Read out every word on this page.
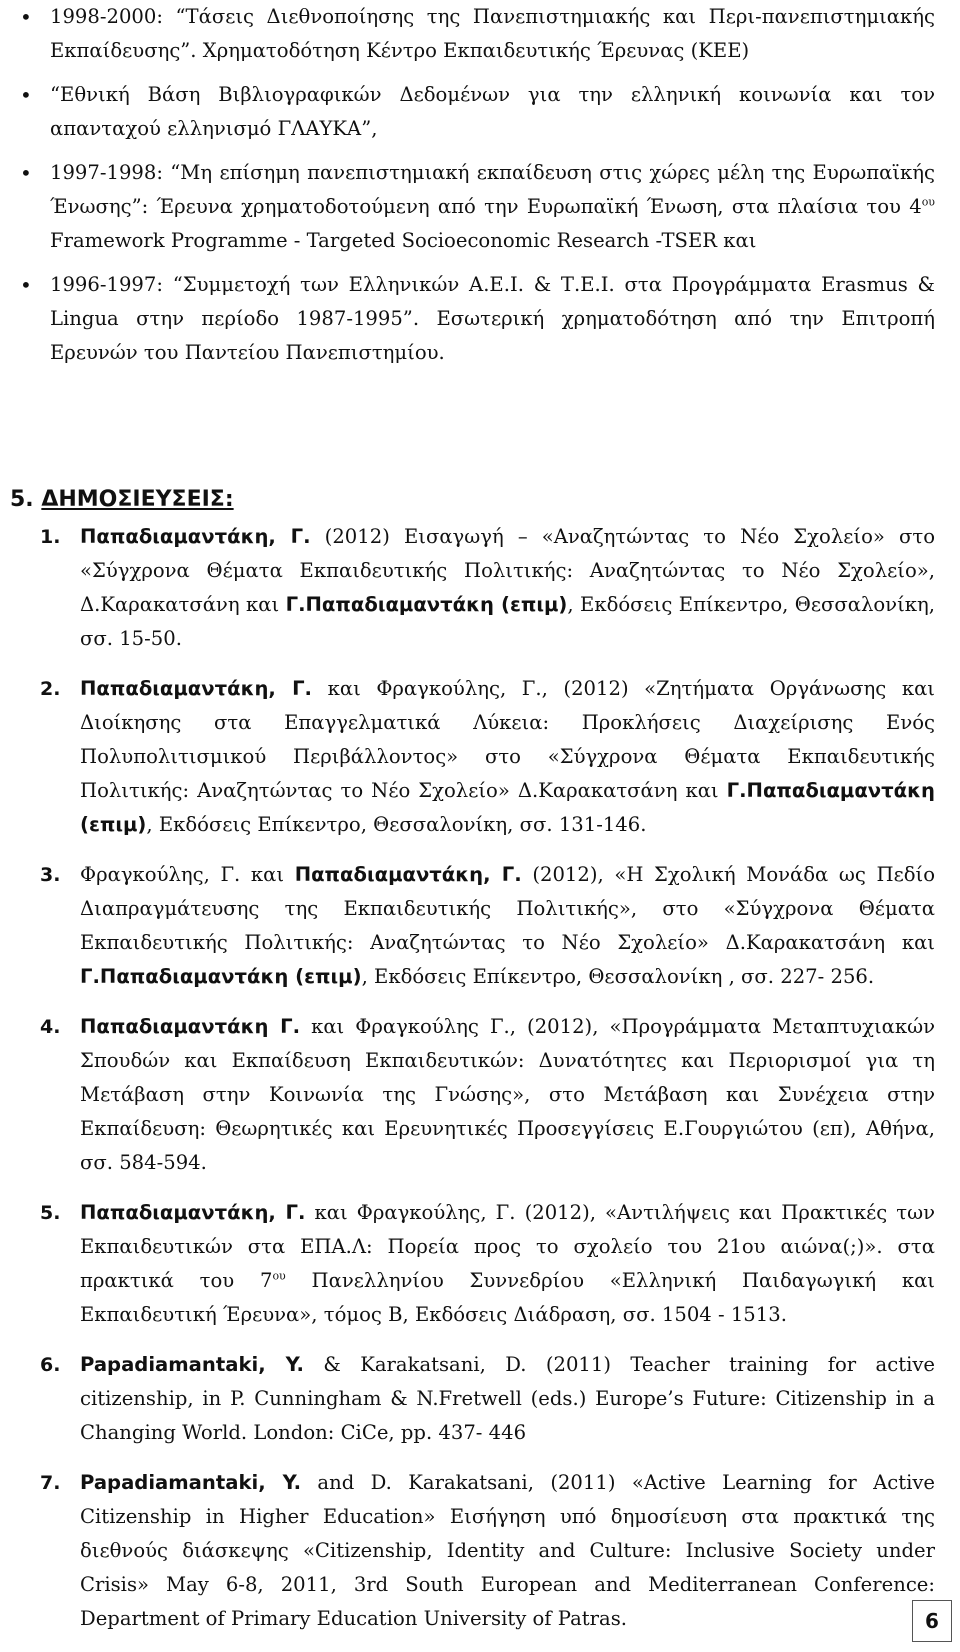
• 1998-2000: “Τάσεις Διεθνοποίησης της Πανεπιστημιακής και Περι-πανεπιστημιακής Εκπαίδευσης”. Χρηματοδότηση Κέντρο Εκπαιδευτικής Έρευνας (ΚΕΕ)
• “Εθνική Βάση Βιβλιογραφικών Δεδομένων για την ελληνική κοινωνία και τον απανταχού ελληνισμό ΓΛΑΥΚΑ”,
• 1997-1998: “Μη επίσημη πανεπιστημιακή εκπαίδευση στις χώρες μέλη της Ευρωπαϊκής Ένωσης”: Έρευνα χρηματοδοτούμενη από την Ευρωπαϊκή Ένωση, στα πλαίσια του $4^{o\upsilon}$ Framework Programme - Targeted Socioeconomic Research -TSER και
• 1996-1997: “Συμμετοχή των Ελληνικών Α.Ε.Ι. & Τ.Ε.Ι. στα Προγράμματα Erasmus & Lingua στην περίοδο 1987-1995”. Εσωτερική χρηματοδότηση από την Επιτροπή Ερευνών του Παντείου Πανεπιστημίου.
5. ΔΗΜΟΣΙΕΥΣΕΙΣ:
1. Παπαδιαμαντάκη, Γ. (2012) Εισαγωγή – «Αναζητώντας το Νέο Σχολείο» στο «Σύγχρονα Θέματα Εκπαιδευτικής Πολιτικής: Αναζητώντας το Νέο Σχολείο», Δ.Καρακατσάνη και Γ.Παπαδιαμαντάκη (επιμ), Εκδόσεις Επίκεντρο, Θεσσαλονίκη, σσ. 15-50.
2. Παπαδιαμαντάκη, Γ. και Φραγκούλης, Γ., (2012) «Ζητήματα Οργάνωσης και Διοίκησης στα Επαγγελματικά Λύκεια: Προκλήσεις Διαχείρισης Ενός Πολυπολιτισμικού Περιβάλλοντος» στο «Σύγχρονα Θέματα Εκπαιδευτικής Πολιτικής: Αναζητώντας το Νέο Σχολείο» Δ.Καρακατσάνη και Γ.Παπαδιαμαντάκη (επιμ), Εκδόσεις Επίκεντρο, Θεσσαλονίκη, σσ. 131-146.
3. Φραγκούλης, Γ. και Παπαδιαμαντάκη, Γ. (2012), «Η Σχολική Μονάδα ως Πεδίο Διαπραγμάτευσης της Εκπαιδευτικής Πολιτικής», στο «Σύγχρονα Θέματα Εκπαιδευτικής Πολιτικής: Αναζητώντας το Νέο Σχολείο» Δ.Καρακατσάνη και Γ.Παπαδιαμαντάκη (επιμ), Εκδόσεις Επίκεντρο, Θεσσαλονίκη , σσ. 227- 256.
4. Παπαδιαμαντάκη Γ. και Φραγκούλης Γ., (2012), «Προγράμματα Μεταπτυχιακών Σπουδών και Εκπαίδευση Εκπαιδευτικών: Δυνατότητες και Περιορισμοί για τη Μετάβαση στην Κοινωνία της Γνώσης», στο Μετάβαση και Συνέχεια στην Εκπαίδευση: Θεωρητικές και Ερευνητικές Προσεγγίσεις Ε.Γουργιώτου (επ), Αθήνα, σσ. 584-594.
5. Παπαδιαμαντάκη, Γ. και Φραγκούλης, Γ. (2012), «Αντιλήψεις και Πρακτικές των Εκπαιδευτικών στα ΕΠΑ.Λ: Πορεία προς το σχολείο του 21ου αιώνα(;)». στα πρακτικά του $7^{o\upsilon}$ Πανελληνίου Συννεδρίου «Ελληνική Παιδαγωγική και Εκπαιδευτική Έρευνα», τόμος Β, Εκδόσεις Διάδραση, σσ. 1504 - 1513.
6. Papadiamantaki, Y. & Karakatsani, D. (2011) Teacher training for active citizenship, in P. Cunningham & N.Fretwell (eds.) Europe’s Future: Citizenship in a Changing World. London: CiCe, pp. 437- 446
7. Papadiamantaki, Y. and D. Karakatsani, (2011) «Active Learning for Active Citizenship in Higher Education» Εισήγηση υπό δημοσίευση στα πρακτικά της διεθνούς διάσκεψης «Citizenship, Identity and Culture: Inclusive Society under Crisis» May 6-8, 2011, 3rd South European and Mediterranean Conference: Department of Primary Education University of Patras.	6
